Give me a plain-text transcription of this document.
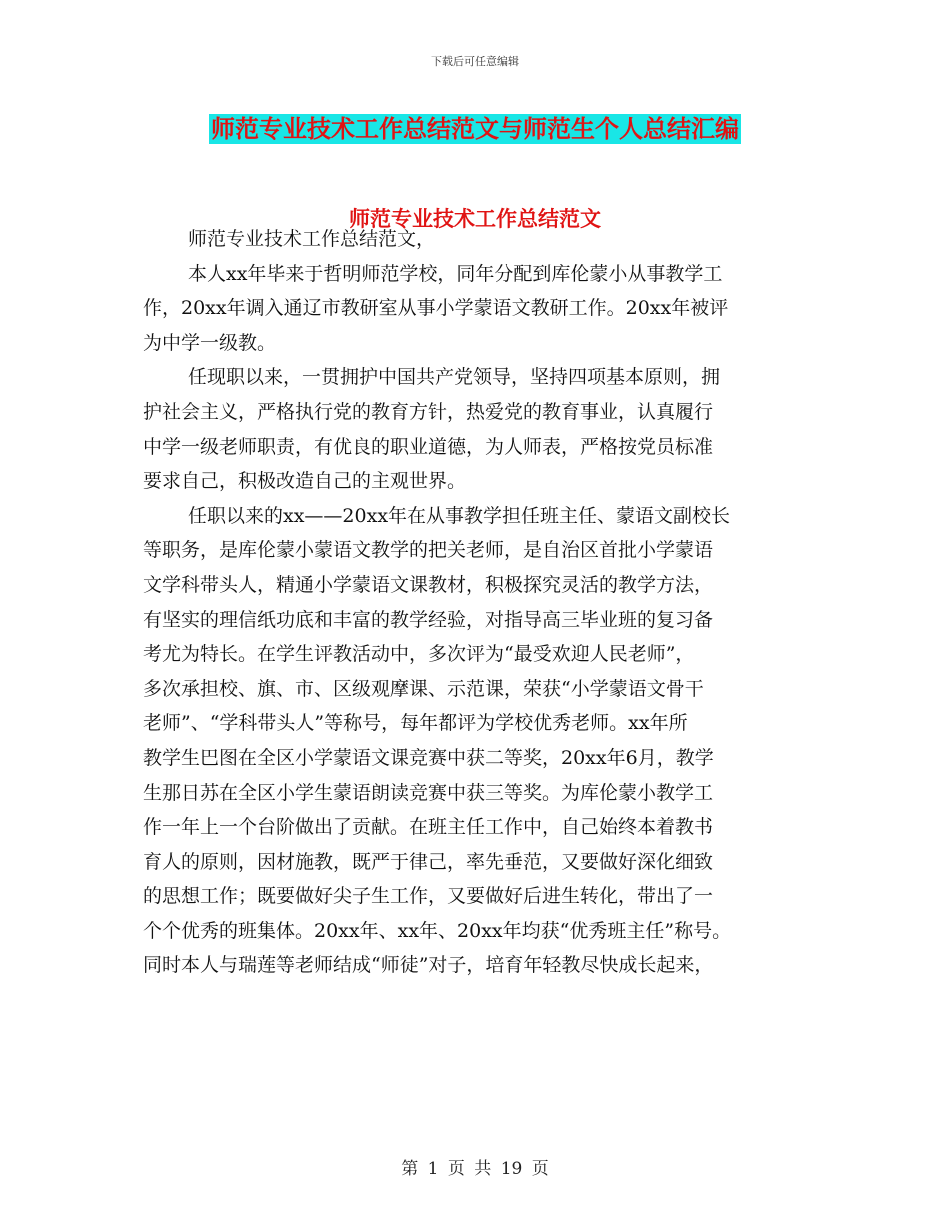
下载后可任意编辑
师范专业技术工作总结范文与师范生个人总结汇编
师范专业技术工作总结范文
师范专业技术工作总结范文，
本人xx年毕来于哲明师范学校，同年分配到库伦蒙小从事教学工
作，20xx年调入通辽市教研室从事小学蒙语文教研工作。20xx年被评
为中学一级教。
任现职以来，一贯拥护中国共产党领导，坚持四项基本原则，拥
护社会主义，严格执行党的教育方针，热爱党的教育事业，认真履行
中学一级老师职责，有优良的职业道德，为人师表，严格按党员标准
要求自己，积极改造自己的主观世界。
任职以来的xx——20xx年在从事教学担任班主任、蒙语文副校长
等职务，是库伦蒙小蒙语文教学的把关老师，是自治区首批小学蒙语
文学科带头人，精通小学蒙语文课教材，积极探究灵活的教学方法，
有坚实的理信纸功底和丰富的教学经验，对指导高三毕业班的复习备
考尤为特长。在学生评教活动中，多次评为“最受欢迎人民老师”，
多次承担校、旗、市、区级观摩课、示范课，荣获“小学蒙语文骨干
老师”、“学科带头人”等称号，每年都评为学校优秀老师。xx年所
教学生巴图在全区小学蒙语文课竞赛中获二等奖，20xx年6月，教学
生那日苏在全区小学生蒙语朗读竞赛中获三等奖。为库伦蒙小教学工
作一年上一个台阶做出了贡献。在班主任工作中，自己始终本着教书
育人的原则，因材施教，既严于律己，率先垂范，又要做好深化细致
的思想工作；既要做好尖子生工作，又要做好后进生转化，带出了一
个个优秀的班集体。20xx年、xx年、20xx年均获“优秀班主任”称号。
同时本人与瑞莲等老师结成“师徒”对子，培育年轻教尽快成长起来，
第 1 页 共 19 页
